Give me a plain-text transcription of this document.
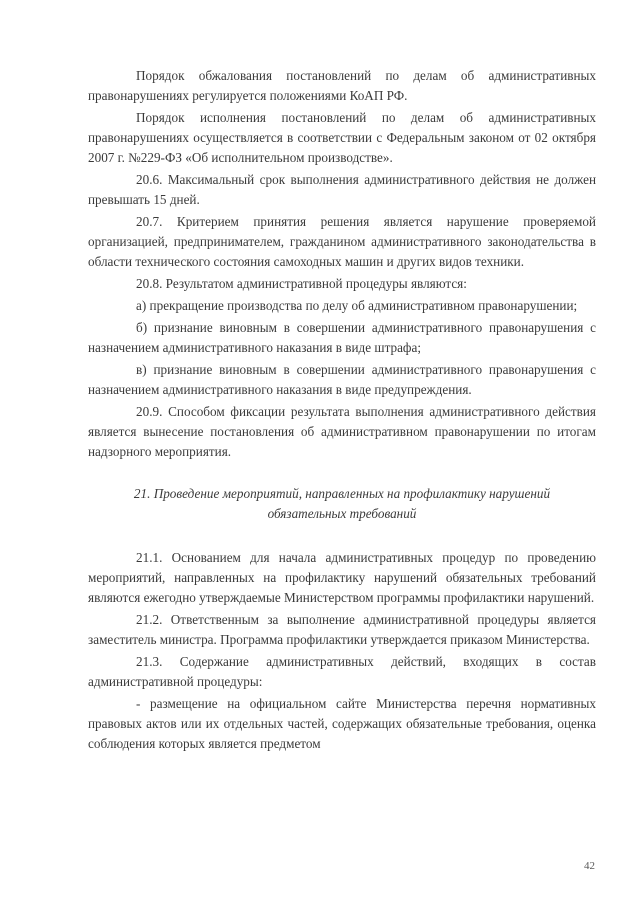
Порядок обжалования постановлений по делам об административных правонарушениях регулируется положениями КоАП РФ.

Порядок исполнения постановлений по делам об административных правонарушениях осуществляется в соответствии с Федеральным законом от 02 октября 2007 г. №229-ФЗ «Об исполнительном производстве».

20.6. Максимальный срок выполнения административного действия не должен превышать 15 дней.

20.7. Критерием принятия решения является нарушение проверяемой организацией, предпринимателем, гражданином административного законодательства в области технического состояния самоходных машин и других видов техники.

20.8. Результатом административной процедуры являются:

а) прекращение производства по делу об административном правонарушении;

б) признание виновным в совершении административного правонарушения с назначением административного наказания в виде штрафа;

в) признание виновным в совершении административного правонарушения с назначением административного наказания в виде предупреждения.

20.9. Способом фиксации результата выполнения административного действия является вынесение постановления об административном правонарушении по итогам надзорного мероприятия.

21. Проведение мероприятий, направленных на профилактику нарушений обязательных требований

21.1. Основанием для начала административных процедур по проведению мероприятий, направленных на профилактику нарушений обязательных требований являются ежегодно утверждаемые Министерством программы профилактики нарушений.

21.2. Ответственным за выполнение административной процедуры является заместитель министра. Программа профилактики утверждается приказом Министерства.

21.3. Содержание административных действий, входящих в состав административной процедуры:

- размещение на официальном сайте Министерства перечня нормативных правовых актов или их отдельных частей, содержащих обязательные требования, оценка соблюдения которых является предметом

42
